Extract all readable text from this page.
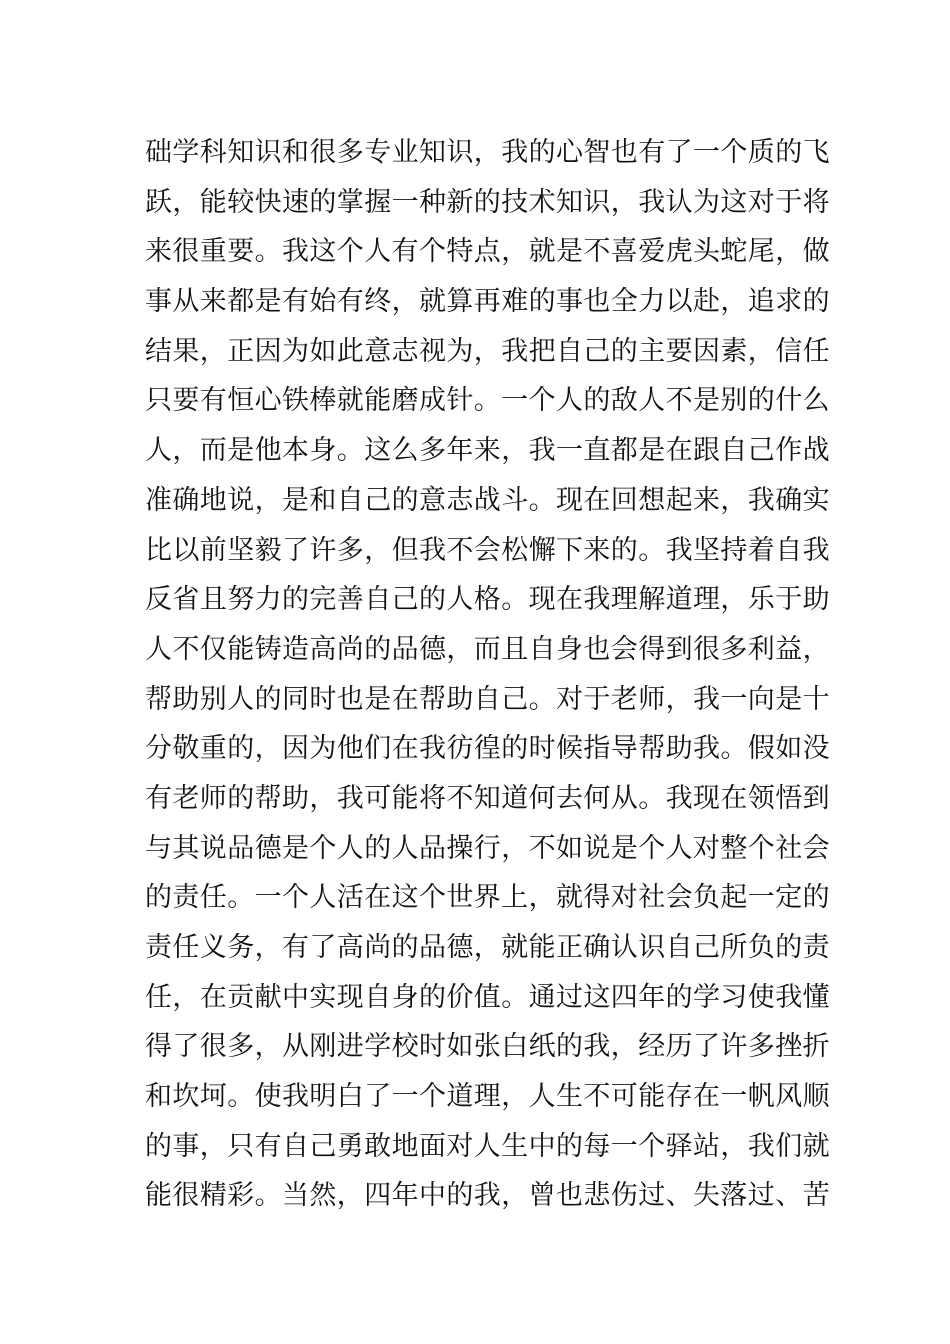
础学科知识和很多专业知识，我的心智也有了一个质的飞
跃，能较快速的掌握一种新的技术知识，我认为这对于将
来很重要。我这个人有个特点，就是不喜爱虎头蛇尾，做
事从来都是有始有终，就算再难的事也全力以赴，追求的
结果，正因为如此意志视为，我把自己的主要因素，信任
只要有恒心铁棒就能磨成针。一个人的敌人不是别的什么
人，而是他本身。这么多年来，我一直都是在跟自己作战
准确地说，是和自己的意志战斗。现在回想起来，我确实
比以前坚毅了许多，但我不会松懈下来的。我坚持着自我
反省且努力的完善自己的人格。现在我理解道理，乐于助
人不仅能铸造高尚的品德，而且自身也会得到很多利益，
帮助别人的同时也是在帮助自己。对于老师，我一向是十
分敬重的，因为他们在我彷徨的时候指导帮助我。假如没
有老师的帮助，我可能将不知道何去何从。我现在领悟到
与其说品德是个人的人品操行，不如说是个人对整个社会
的责任。一个人活在这个世界上，就得对社会负起一定的
责任义务，有了高尚的品德，就能正确认识自己所负的责
任，在贡献中实现自身的价值。通过这四年的学习使我懂
得了很多，从刚进学校时如张白纸的我，经历了许多挫折
和坎坷。使我明白了一个道理，人生不可能存在一帆风顺
的事，只有自己勇敢地面对人生中的每一个驿站，我们就
能很精彩。当然，四年中的我，曾也悲伤过、失落过、苦
